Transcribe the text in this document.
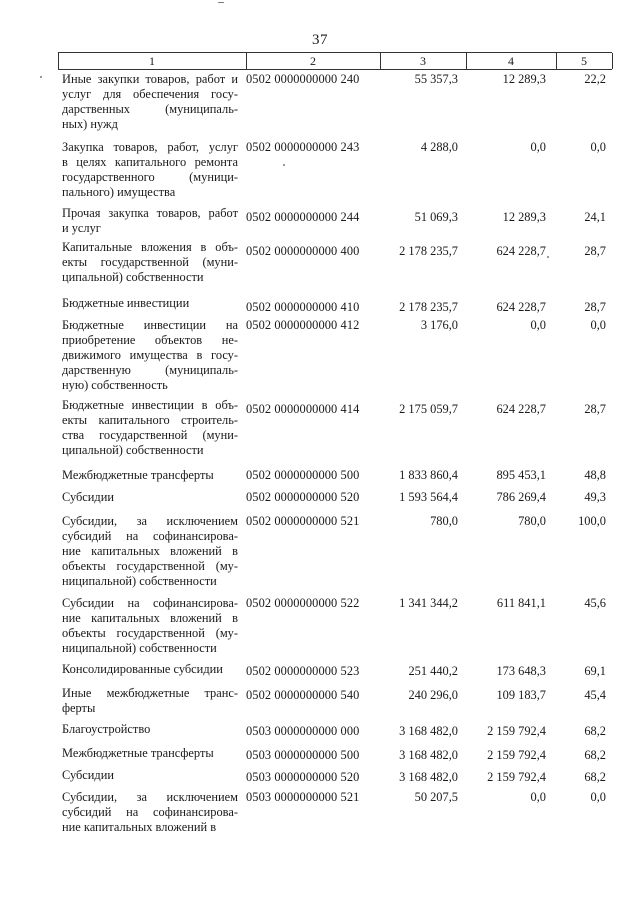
37
1	2	3	4	5
Иные закупки товаров, работ и
услуг для обеспечения госу-
дарственных (муниципаль-
ных) нужд
0502 0000000000 240	55 357,3	12 289,3	22,2
Закупка товаров, работ, услуг
в целях капитального ремонта
государственного (муници-
пального) имущества
0502 0000000000 243	4 288,0	0,0	0,0
Прочая закупка товаров, работ
и услуг
0502 0000000000 244	51 069,3	12 289,3	24,1
Капитальные вложения в объ-
екты государственной (муни-
ципальной) собственности
0502 0000000000 400	2 178 235,7	624 228,7	28,7
Бюджетные инвестиции	0502 0000000000 410	2 178 235,7	624 228,7	28,7
Бюджетные инвестиции на
приобретение объектов не-
движимого имущества в госу-
дарственную (муниципаль-
ную) собственность
0502 0000000000 412	3 176,0	0,0	0,0
Бюджетные инвестиции в объ-
екты капитального строитель-
ства государственной (муни-
ципальной) собственности
0502 0000000000 414	2 175 059,7	624 228,7	28,7
Межбюджетные трансферты	0502 0000000000 500	1 833 860,4	895 453,1	48,8
Субсидии	0502 0000000000 520	1 593 564,4	786 269,4	49,3
Субсидии, за исключением
субсидий на софинансирова-
ние капитальных вложений в
объекты государственной (му-
ниципальной) собственности
0502 0000000000 521	780,0	780,0	100,0
Субсидии на софинансирова-
ние капитальных вложений в
объекты государственной (му-
ниципальной) собственности
0502 0000000000 522	1 341 344,2	611 841,1	45,6
Консолидированные субсидии	0502 0000000000 523	251 440,2	173 648,3	69,1
Иные межбюджетные транс-
ферты
0502 0000000000 540	240 296,0	109 183,7	45,4
Благоустройство	0503 0000000000 000	3 168 482,0	2 159 792,4	68,2
Межбюджетные трансферты	0503 0000000000 500	3 168 482,0	2 159 792,4	68,2
Субсидии	0503 0000000000 520	3 168 482,0	2 159 792,4	68,2
Субсидии, за исключением
субсидий на софинансирова-
ние капитальных вложений в
0503 0000000000 521	50 207,5	0,0	0,0
